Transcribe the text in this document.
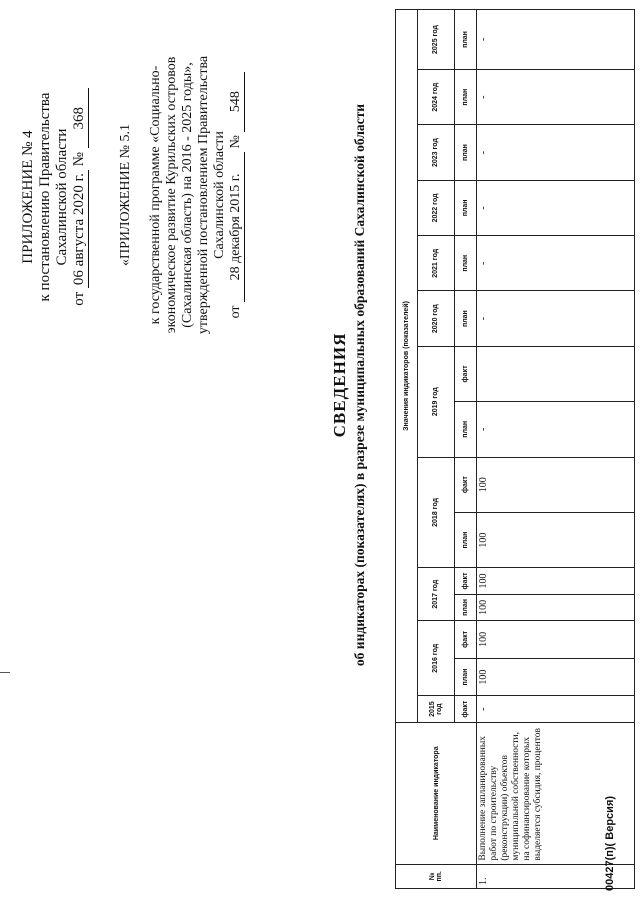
ПРИЛОЖЕНИЕ № 4 к постановлению Правительства Сахалинской области
от 06 августа 2020 г. № 368
«ПРИЛОЖЕНИЕ № 5.1 к государственной программе «Социально- экономическое развитие Курильских островов (Сахалинская область) на 2016 - 2025 годы», утвержденной постановлением Правительства Сахалинской области
от 28 декабря 2015 г. № 548
СВЕДЕНИЯ об индикаторах (показателях) в разрезе муниципальных образований Сахалинской области
№ пп.	Наименование индикатора	Значения индикаторов (показателей)														
		2015 год	2016 год		2017 год		2018 год		2019 год		2020 год	2021 год	2022 год	2023 год	2024 год	2025 год
		факт	план	факт	план	факт	план	факт	план	факт	план	план	план	план	план	план
1.	Выполнение запланированных работ по строительству (реконструкции) объектов муниципальной собственности, на софинансирование которых выделяется субсидия, процентов	-	100	100	100	100	100	100	-		-	-	-	-	-	-
00427(п)( Версия)
